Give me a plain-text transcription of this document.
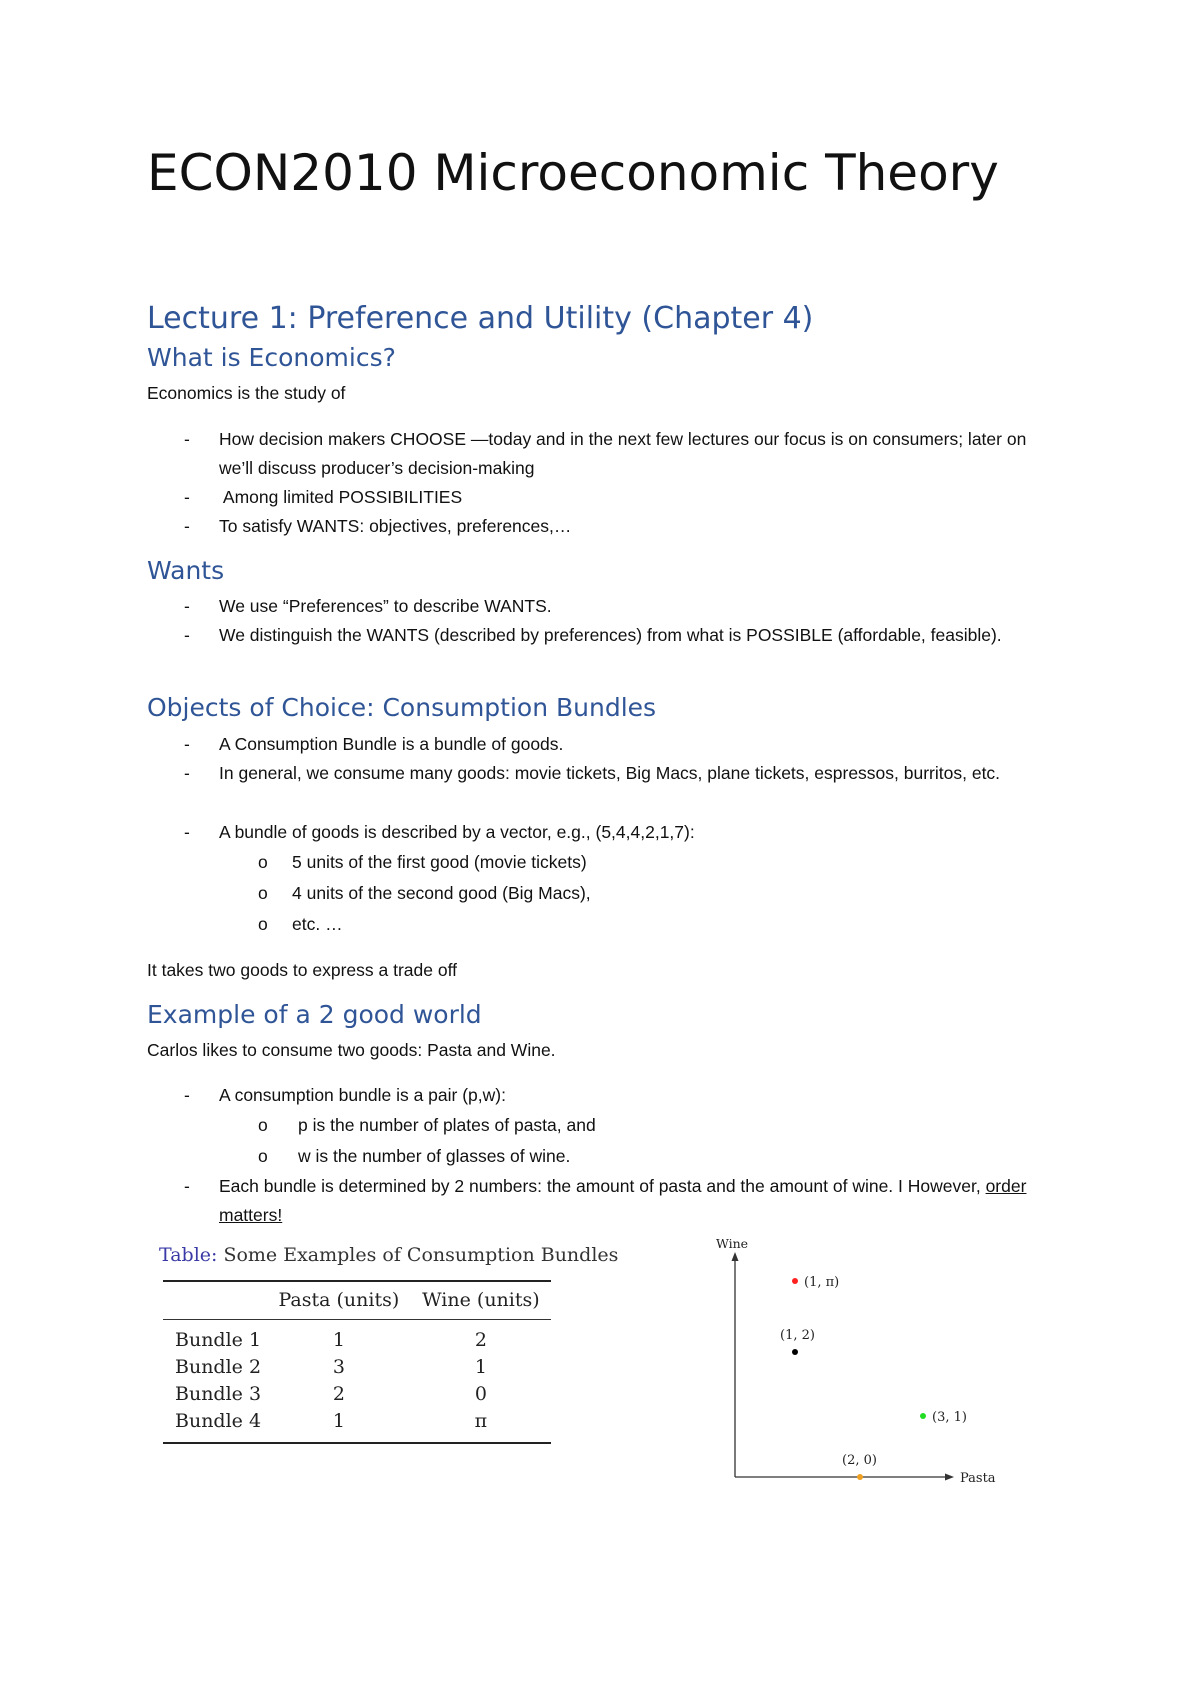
ECON2010 Microeconomic Theory
Lecture 1: Preference and Utility (Chapter 4)
What is Economics?

Economics is the study of

- How decision makers CHOOSE —today and in the next few lectures our focus is on consumers; later on we’ll discuss producer’s decision-making
- Among limited POSSIBILITIES
- To satisfy WANTS: objectives, preferences,…
Wants
- We use “Preferences” to describe WANTS.
- We distinguish the WANTS (described by preferences) from what is POSSIBLE (affordable, feasible).
Objects of Choice: Consumption Bundles
- A Consumption Bundle is a bundle of goods.
- In general, we consume many goods: movie tickets, Big Macs, plane tickets, espressos, burritos, etc.
- A bundle of goods is described by a vector, e.g., (5,4,4,2,1,7):
o 5 units of the first good (movie tickets)
o 4 units of the second good (Big Macs),
o etc. …

It takes two goods to express a trade off

Example of a 2 good world

Carlos likes to consume two goods: Pasta and Wine.

- A consumption bundle is a pair (p,w):
o p is the number of plates of pasta, and
o w is the number of glasses of wine.
- Each bundle is determined by 2 numbers: the amount of pasta and the amount of wine. I However, order matters!
Table: Some Examples of Consumption Bundles
	Pasta (units)	Wine (units)
Bundle 1	1	2
Bundle 2	3	1
Bundle 3	2	0
Bundle 4	1	π
Wine
Pasta
(1, π)
(1, 2)
(3, 1)
(2, 0)
